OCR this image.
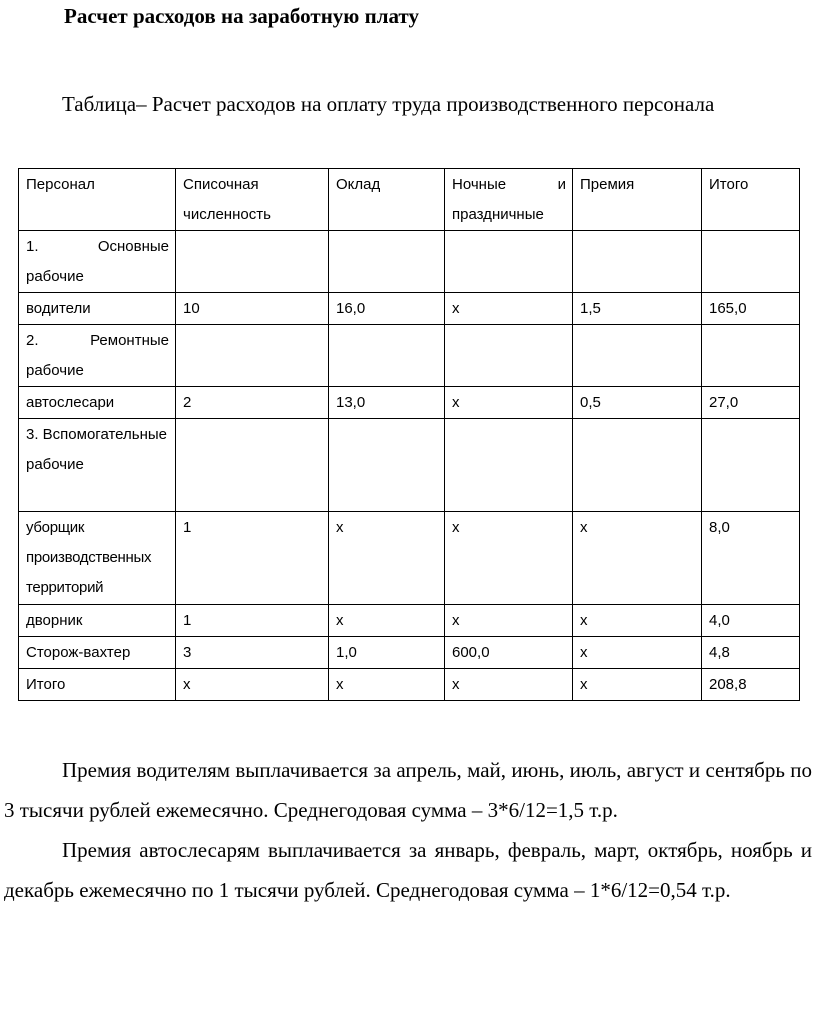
Расчет расходов на заработную плату

Таблица– Расчет расходов на оплату труда производственного персонала

Персонал	Списочная численность	Оклад	Ночные и праздничные	Премия	Итого

1. Основные рабочие					

водители	10	16,0	х	1,5	165,0

2. Ремонтные рабочие					

автослесари	2	13,0	х	0,5	27,0
3. Вспомогательные рабочие					
уборщик производственных территорий	1	х	х	х	8,0
дворник	1	х	х	х	4,0
Сторож-вахтер	3	1,0	600,0	х	4,8
Итого	х	х	х	х	208,8

Премия водителям выплачивается за апрель, май, июнь, июль, август и сентябрь по 3 тысячи рублей ежемесячно. Среднегодовая сумма – 3*6/12=1,5 т.р.

Премия автослесарям выплачивается за январь, февраль, март, октябрь, ноябрь и декабрь ежемесячно по 1 тысячи рублей. Среднегодовая сумма – 1*6/12=0,54 т.р.
